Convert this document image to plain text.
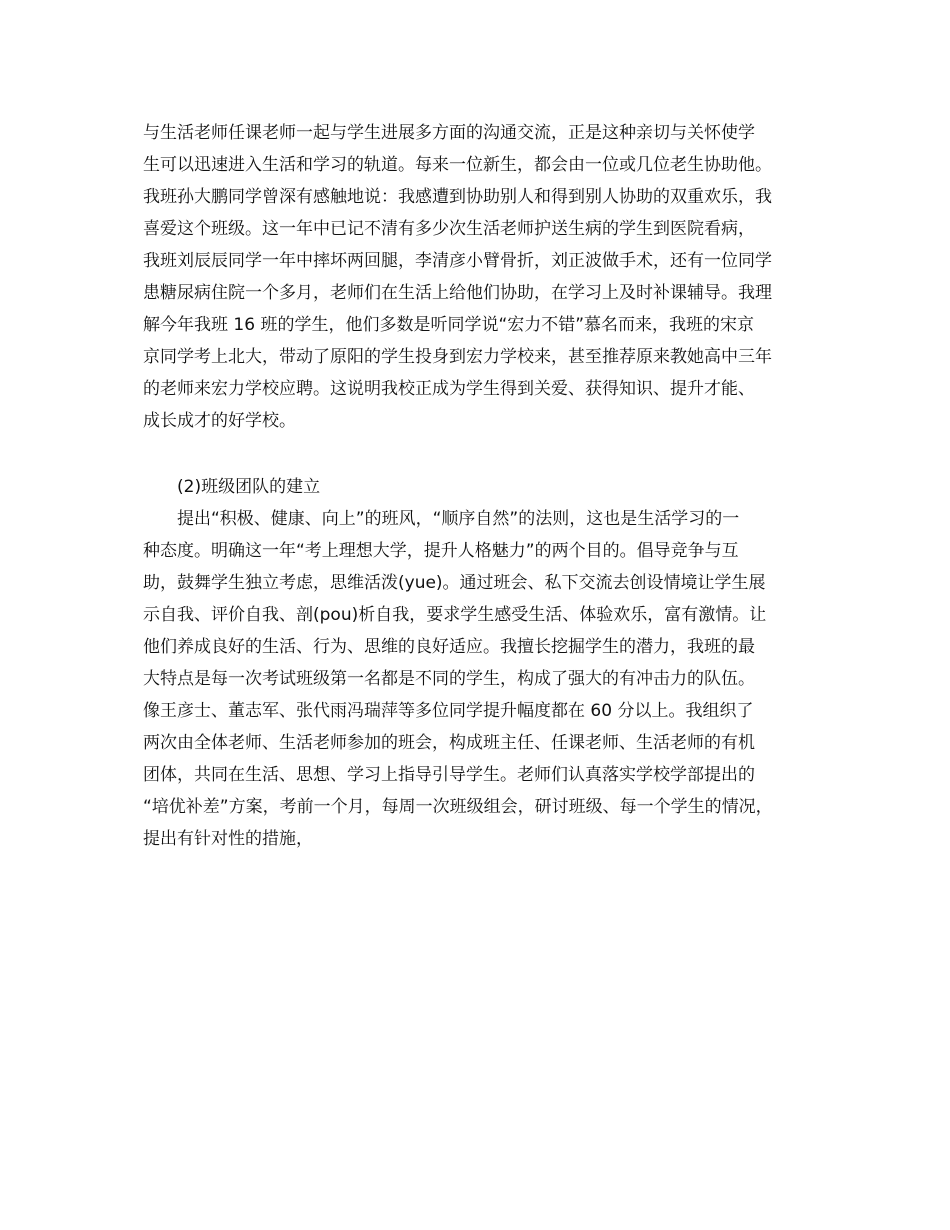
与生活老师任课老师一起与学生进展多方面的沟通交流，正是这种亲切与关怀使学
生可以迅速进入生活和学习的轨道。每来一位新生，都会由一位或几位老生协助他。
我班孙大鹏同学曾深有感触地说：我感遭到协助别人和得到别人协助的双重欢乐，我
喜爱这个班级。这一年中已记不清有多少次生活老师护送生病的学生到医院看病，
我班刘辰辰同学一年中摔坏两回腿，李清彦小臂骨折，刘正波做手术，还有一位同学
患糖尿病住院一个多月，老师们在生活上给他们协助，在学习上及时补课辅导。我理
解今年我班 16 班的学生，他们多数是听同学说“宏力不错”慕名而来，我班的宋京
京同学考上北大，带动了原阳的学生投身到宏力学校来，甚至推荐原来教她高中三年
的老师来宏力学校应聘。这说明我校正成为学生得到关爱、获得知识、提升才能、
成长成才的好学校。
(2)班级团队的建立
提出“积极、健康、向上”的班风，“顺序自然”的法则，这也是生活学习的一
种态度。明确这一年“考上理想大学，提升人格魅力”的两个目的。倡导竞争与互
助，鼓舞学生独立考虑，思维活泼(yue)。通过班会、私下交流去创设情境让学生展
示自我、评价自我、剖(pou)析自我，要求学生感受生活、体验欢乐，富有激情。让
他们养成良好的生活、行为、思维的良好适应。我擅长挖掘学生的潜力，我班的最
大特点是每一次考试班级第一名都是不同的学生，构成了强大的有冲击力的队伍。
像王彦士、董志军、张代雨冯瑞萍等多位同学提升幅度都在 60 分以上。我组织了
两次由全体老师、生活老师参加的班会，构成班主任、任课老师、生活老师的有机
团体，共同在生活、思想、学习上指导引导学生。老师们认真落实学校学部提出的
“培优补差”方案，考前一个月，每周一次班级组会，研讨班级、每一个学生的情况，
提出有针对性的措施，
